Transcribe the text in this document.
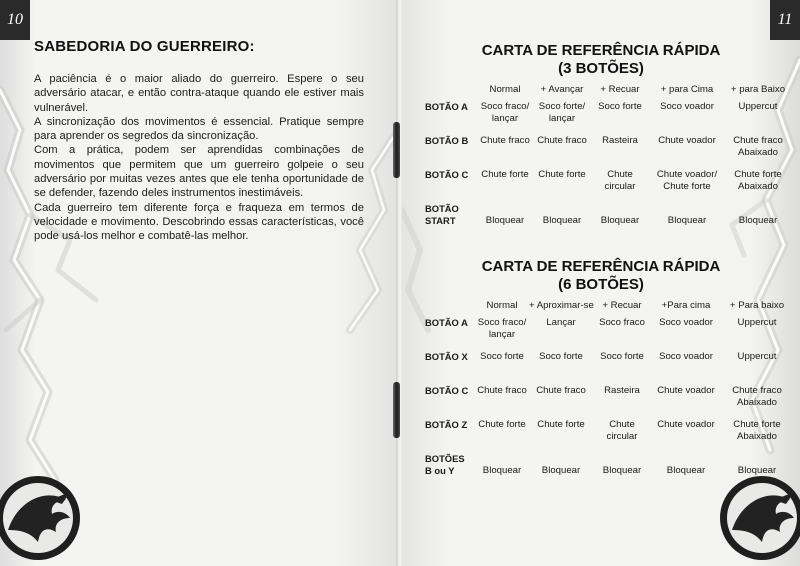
10
SABEDORIA DO GUERREIRO:

A paciência é o maior aliado do guerreiro. Espere o seu adversário atacar, e então contra-ataque quando ele estiver mais vulnerável.

A sincronização dos movimentos é essencial. Pratique sempre para aprender os segredos da sincronização.

Com a prática, podem ser aprendidas combinações de movimentos que permitem que um guerreiro golpeie o seu adversário por muitas vezes antes que ele tenha oportunidade de se defender, fazendo deles instrumentos inestimáveis.

Cada guerreiro tem diferente força e fraqueza em termos de velocidade e movimento. Descobrindo essas características, você pode usá-los melhor e combatê-las melhor.

11
CARTA DE REFERÊNCIA RÁPIDA
(3 BOTÕES)
	Normal	+ Avançar	+ Recuar	+ para Cima	+ para Baixo
BOTÃO A	Soco fraco/ lançar	Soco forte/ lançar	Soco forte	Soco voador	Uppercut
BOTÃO B	Chute fraco	Chute fraco	Rasteira	Chute voador	Chute fraco Abaixado
BOTÃO C	Chute forte	Chute forte	Chute circular	Chute voador/ Chute forte	Chute forte Abaixado
BOTÃO
START	Bloquear	Bloquear	Bloquear	Bloquear	Bloquear
CARTA DE REFERÊNCIA RÁPIDA
(6 BOTÕES)
	Normal	+ Aproximar-se	+ Recuar	+Para cima	+ Para baixo
BOTÃO A	Soco fraco/ lançar	Lançar	Soco fraco	Soco voador	Uppercut
BOTÃO X	Soco forte	Soco forte	Soco forte	Soco voador	Uppercut
BOTÃO C	Chute fraco	Chute fraco	Rasteira	Chute voador	Chute fraco Abaixado
BOTÃO Z	Chute forte	Chute forte	Chute circular	Chute voador	Chute forte Abaixado
BOTÕES
B ou Y	Bloquear	Bloquear	Bloquear	Bloquear	Bloquear
